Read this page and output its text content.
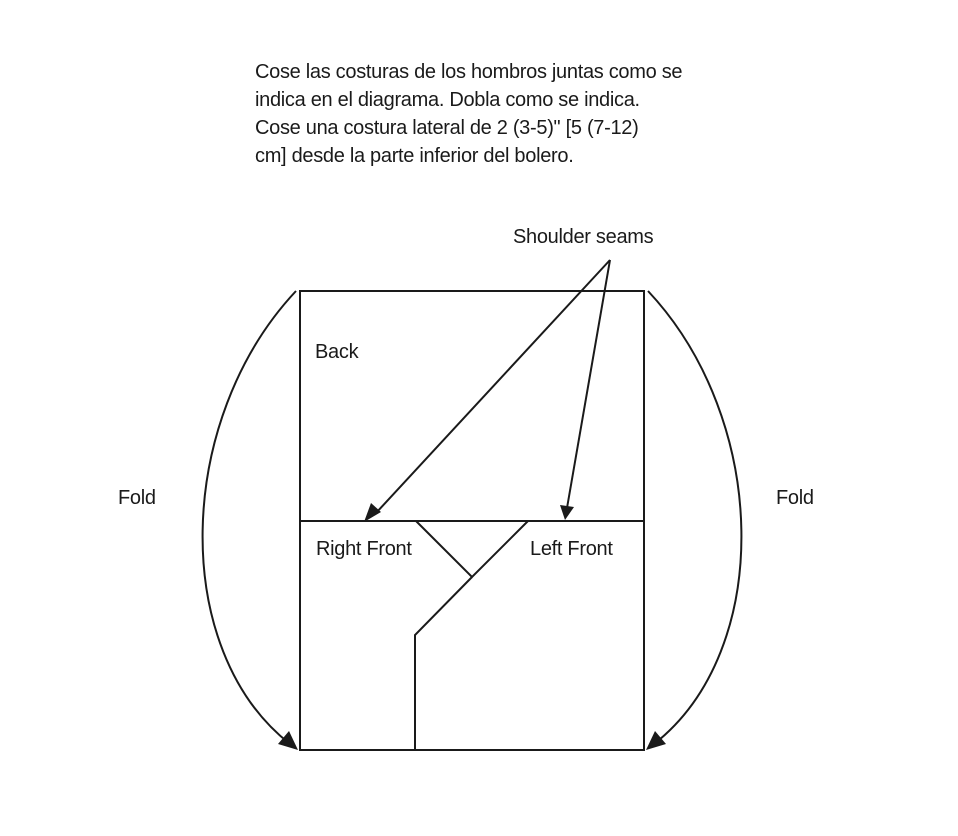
Cose las costuras de los hombros juntas como se
indica en el diagrama. Dobla como se indica.
Cose una costura lateral de 2 (3-5)" [5 (7-12)
cm] desde la parte inferior del bolero.
Shoulder seams
Back
Right Front	Left Front
Fold	Fold
